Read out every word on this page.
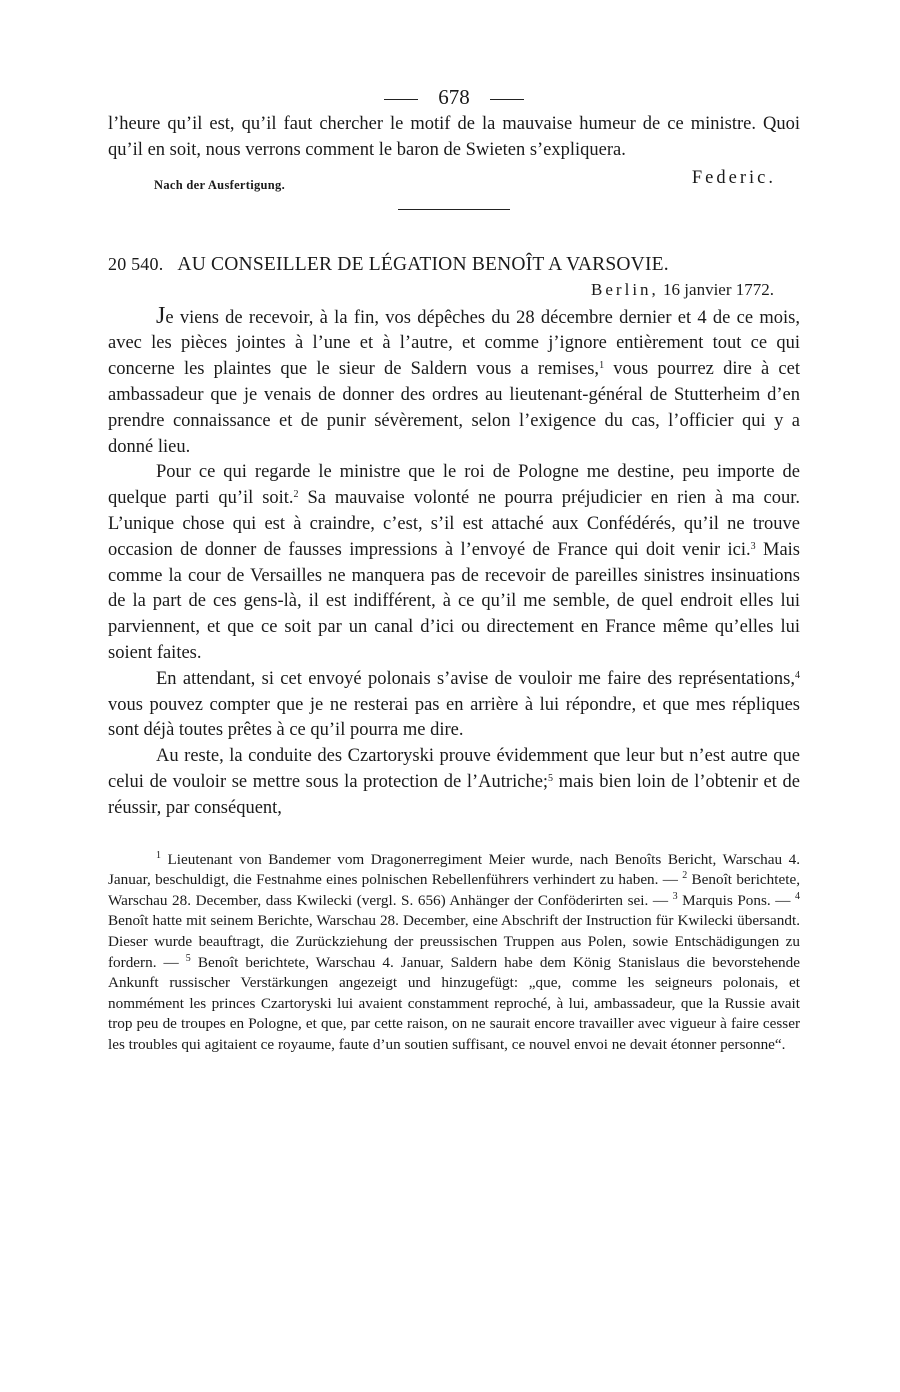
678

l’heure qu’il est, qu’il faut chercher le motif de la mauvaise humeur de ce ministre. Quoi qu’il en soit, nous verrons comment le baron de Swieten s’expliquera.

Nach der Ausfertigung.	Federic.
20 540. AU CONSEILLER DE LÉGATION BENOÎT A VARSOVIE.
Berlin, 16 janvier 1772.

Je viens de recevoir, à la fin, vos dépêches du 28 décembre dernier et 4 de ce mois, avec les pièces jointes à l’une et à l’autre, et comme j’ignore entièrement tout ce qui concerne les plaintes que le sieur de Saldern vous a remises,$^1$ vous pourrez dire à cet ambassadeur que je venais de donner des ordres au lieutenant-général de Stutterheim d’en prendre connaissance et de punir sévèrement, selon l’exigence du cas, l’officier qui y a donné lieu.

Pour ce qui regarde le ministre que le roi de Pologne me destine, peu importe de quelque parti qu’il soit.$^2$ Sa mauvaise volonté ne pourra préjudicier en rien à ma cour. L’unique chose qui est à craindre, c’est, s’il est attaché aux Confédérés, qu’il ne trouve occasion de donner de fausses impressions à l’envoyé de France qui doit venir ici.$^3$ Mais comme la cour de Versailles ne manquera pas de recevoir de pareilles sinistres insinuations de la part de ces gens-là, il est indifférent, à ce qu’il me semble, de quel endroit elles lui parviennent, et que ce soit par un canal d’ici ou directement en France même qu’elles lui soient faites.

En attendant, si cet envoyé polonais s’avise de vouloir me faire des représentations,$^4$ vous pouvez compter que je ne resterai pas en arrière à lui répondre, et que mes répliques sont déjà toutes prêtes à ce qu’il pourra me dire.

Au reste, la conduite des Czartoryski prouve évidemment que leur but n’est autre que celui de vouloir se mettre sous la protection de l’Autriche;$^5$ mais bien loin de l’obtenir et de réussir, par conséquent,

$^1$ Lieutenant von Bandemer vom Dragonerregiment Meier wurde, nach Benoîts Bericht, Warschau 4. Januar, beschuldigt, die Festnahme eines polnischen Rebellenführers verhindert zu haben. — $^2$ Benoît berichtete, Warschau 28. December, dass Kwilecki (vergl. S. 656) Anhänger der Conföderirten sei. — $^3$ Marquis Pons. — $^4$ Benoît hatte mit seinem Berichte, Warschau 28. December, eine Abschrift der Instruction für Kwilecki übersandt. Dieser wurde beauftragt, die Zurückziehung der preussischen Truppen aus Polen, sowie Entschädigungen zu fordern. — $^5$ Benoît berichtete, Warschau 4. Januar, Saldern habe dem König Stanislaus die bevorstehende Ankunft russischer Verstärkungen angezeigt und hinzugefügt: „que, comme les seigneurs polonais, et nommément les princes Czartoryski lui avaient constamment reproché, à lui, ambassadeur, que la Russie avait trop peu de troupes en Pologne, et que, par cette raison, on ne saurait encore travailler avec vigueur à faire cesser les troubles qui agitaient ce royaume, faute d’un soutien suffisant, ce nouvel envoi ne devait étonner personne“.
